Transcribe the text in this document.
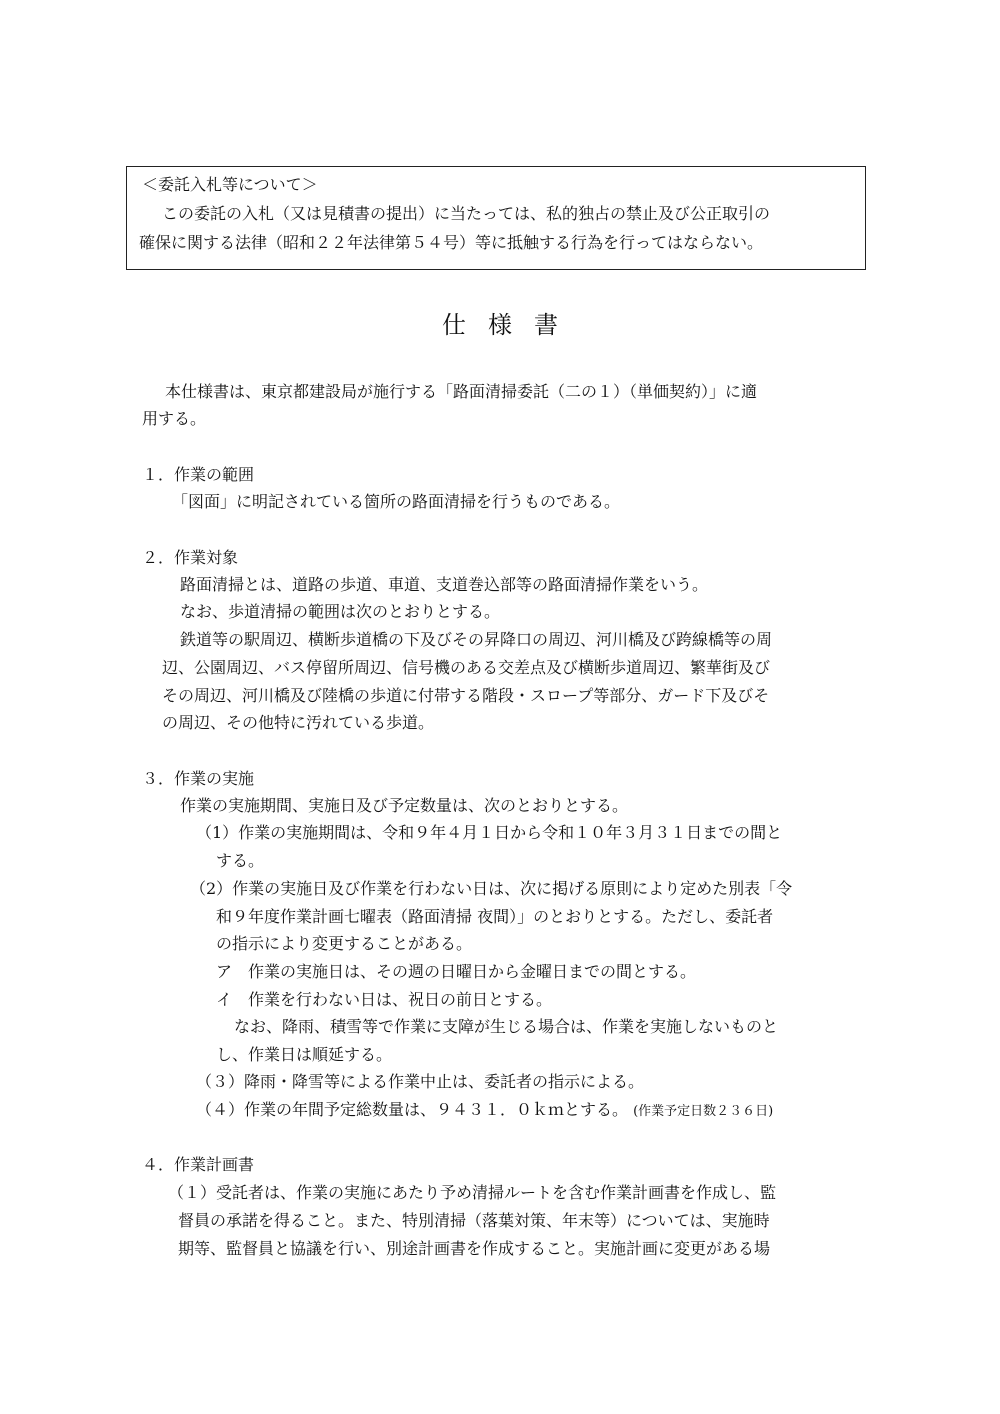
＜委託入札等について＞
この委託の入札（又は見積書の提出）に当たっては、私的独占の禁止及び公正取引の
確保に関する法律（昭和２２年法律第５４号）等に抵触する行為を行ってはならない。
仕様書
本仕様書は、東京都建設局が施行する「路面清掃委託（二の１）（単価契約）」に適
用する。
１．作業の範囲
「図面」に明記されている箇所の路面清掃を行うものである。
２．作業対象
路面清掃とは、道路の歩道、車道、支道巻込部等の路面清掃作業をいう。
なお、歩道清掃の範囲は次のとおりとする。
鉄道等の駅周辺、横断歩道橋の下及びその昇降口の周辺、河川橋及び跨線橋等の周
辺、公園周辺、バス停留所周辺、信号機のある交差点及び横断歩道周辺、繁華街及び
その周辺、河川橋及び陸橋の歩道に付帯する階段・スロープ等部分、ガード下及びそ
の周辺、その他特に汚れている歩道。
３．作業の実施
作業の実施期間、実施日及び予定数量は、次のとおりとする。
（1）作業の実施期間は、令和９年４月１日から令和１０年３月３１日までの間と
する。
（2）作業の実施日及び作業を行わない日は、次に掲げる原則により定めた別表「令
和９年度作業計画七曜表（路面清掃 夜間）」のとおりとする。ただし、委託者
の指示により変更することがある。
ア　作業の実施日は、その週の日曜日から金曜日までの間とする。
イ　作業を行わない日は、祝日の前日とする。
なお、降雨、積雪等で作業に支障が生じる場合は、作業を実施しないものと
し、作業日は順延する。
（３）降雨・降雪等による作業中止は、委託者の指示による。
（４）作業の年間予定総数量は、９４３１．０ｋｍとする。 (作業予定日数２３６日)
４．作業計画書
（１）受託者は、作業の実施にあたり予め清掃ルートを含む作業計画書を作成し、監
督員の承諾を得ること。また、特別清掃（落葉対策、年末等）については、実施時
期等、監督員と協議を行い、別途計画書を作成すること。実施計画に変更がある場
